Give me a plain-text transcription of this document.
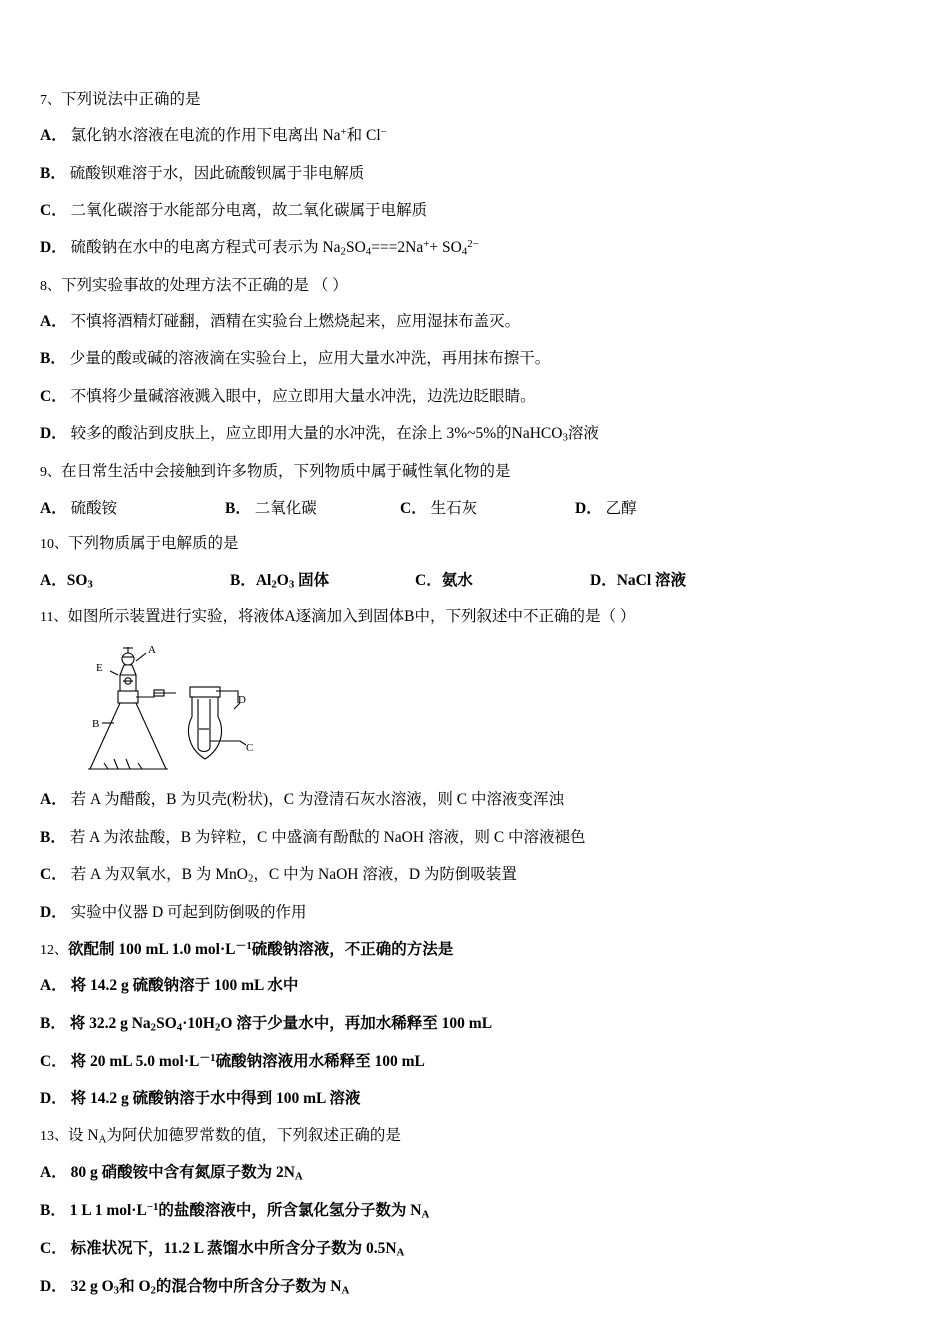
7、下列说法中正确的是
A． 氯化钠水溶液在电流的作用下电离出 Na+和 Cl−
B． 硫酸钡难溶于水，因此硫酸钡属于非电解质
C． 二氧化碳溶于水能部分电离，故二氧化碳属于电解质
D． 硫酸钠在水中的电离方程式可表示为 $Na_2SO_4===2Na^++ SO_4^{2-}$
8、下列实验事故的处理方法不正确的是 （ ）
A． 不慎将酒精灯碰翻，酒精在实验台上燃烧起来，应用湿抹布盖灭。
B． 少量的酸或碱的溶液滴在实验台上，应用大量水冲洗，再用抹布擦干。
C． 不慎将少量碱溶液溅入眼中，应立即用大量水冲洗，边洗边眨眼睛。
D． 较多的酸沾到皮肤上，应立即用大量的水冲洗，在涂上 3%~5%的NaHCO$_3$溶液
9、在日常生活中会接触到许多物质，下列物质中属于碱性氧化物的是
A． 硫酸铵	B． 二氧化碳	C． 生石灰	D． 乙醇
10、下列物质属于电解质的是
A．$SO_3$	B．$Al_2O_3$ 固体	C．氨水	D．NaCl 溶液
11、如图所示装置进行实验，将液体A逐滴加入到固体B中，下列叙述中不正确的是（ ）
E
A
B
D
C
A． 若 A 为醋酸，B 为贝壳(粉状)，C 为澄清石灰水溶液，则 C 中溶液变浑浊
B． 若 A 为浓盐酸，B 为锌粒，C 中盛滴有酚酞的 NaOH 溶液，则 C 中溶液褪色
C． 若 A 为双氧水，B 为 MnO$_2$，C 中为 NaOH 溶液，D 为防倒吸装置
D． 实验中仪器 D 可起到防倒吸的作用
12、欲配制 100 mL 1.0 $mol\cdot L^{-1}$硫酸钠溶液，不正确的方法是
A． 将 14.2 g 硫酸钠溶于 100 mL 水中
B． 将 32.2 g $Na_2SO_4\cdot 10H_2O$ 溶于少量水中，再加水稀释至 100 mL
C． 将 20 mL 5.0 $mol\cdot L^{-1}$硫酸钠溶液用水稀释至 100 mL
D． 将 14.2 g 硫酸钠溶于水中得到 100 mL 溶液
13、设 $N_A$为阿伏加德罗常数的值，下列叙述正确的是
A． 80 g 硝酸铵中含有氮原子数为 $2N_A$
B． 1 L 1 $mol\cdot L^{-1}$的盐酸溶液中，所含氯化氢分子数为 $N_A$
C． 标准状况下，11.2 L 蒸馏水中所含分子数为 $0.5N_A$
D． 32 g $O_3$和 $O_2$的混合物中所含分子数为 $N_A$
